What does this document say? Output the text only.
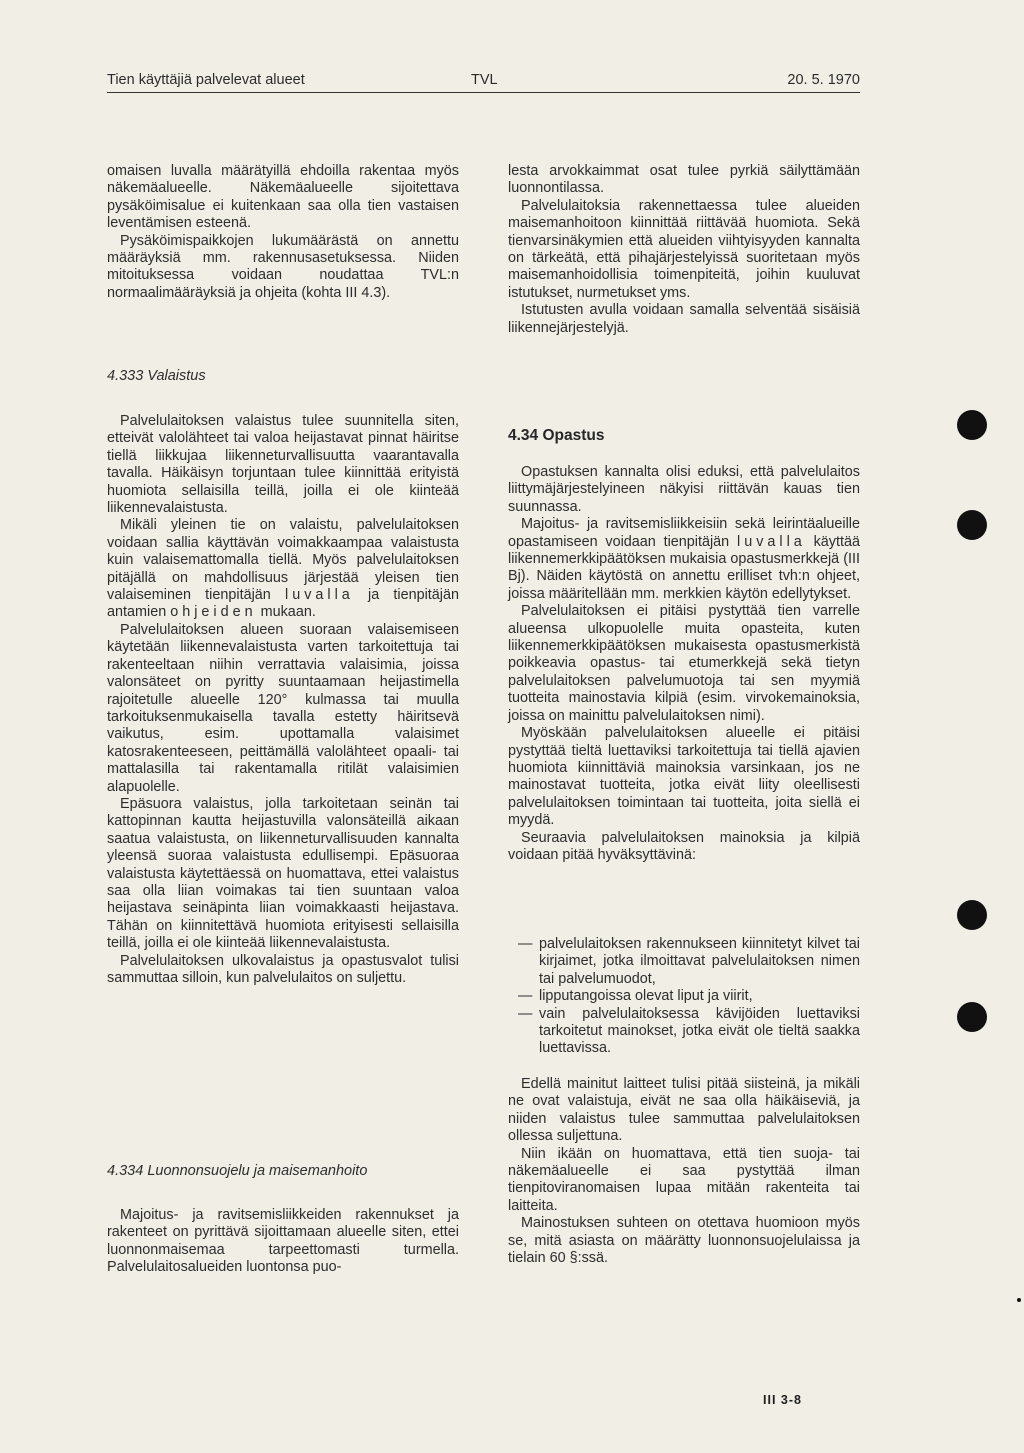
Tien käyttäjiä palvelevat alueet	TVL	20. 5. 1970

omaisen luvalla määrätyillä ehdoilla rakentaa myös näkemäalueelle. Näkemäalueelle sijoitettava pysäköimisalue ei kuitenkaan saa olla tien vastaisen leventämisen esteenä.

Pysäköimispaikkojen lukumäärästä on annettu määräyksiä mm. rakennusasetuksessa. Niiden mitoituksessa voidaan noudattaa TVL:n normaalimääräyksiä ja ohjeita (kohta III 4.3).

4.333 Valaistus

Palvelulaitoksen valaistus tulee suunnitella siten, etteivät valolähteet tai valoa heijastavat pinnat häiritse tiellä liikkujaa liikenneturvallisuutta vaarantavalla tavalla. Häikäisyn torjuntaan tulee kiinnittää erityistä huomiota sellaisilla teillä, joilla ei ole kiinteää liikennevalaistusta.

Mikäli yleinen tie on valaistu, palvelulaitoksen voidaan sallia käyttävän voimakkaampaa valaistusta kuin valaisemattomalla tiellä. Myös palvelulaitoksen pitäjällä on mahdollisuus järjestää yleisen tien valaiseminen tienpitäjän luvalla ja tienpitäjän antamien ohjeiden mukaan.

Palvelulaitoksen alueen suoraan valaisemiseen käytetään liikennevalaistusta varten tarkoitettuja tai rakenteeltaan niihin verrattavia valaisimia, joissa valonsäteet on pyritty suuntaamaan heijastimella rajoitetulle alueelle 120° kulmassa tai muulla tarkoituksenmukaisella tavalla estetty häiritsevä vaikutus, esim. upottamalla valaisimet katosrakenteeseen, peittämällä valolähteet opaali- tai mattalasilla tai rakentamalla ritilät valaisimien alapuolelle.

Epäsuora valaistus, jolla tarkoitetaan seinän tai kattopinnan kautta heijastuvilla valonsäteillä aikaan saatua valaistusta, on liikenneturvallisuuden kannalta yleensä suoraa valaistusta edullisempi. Epäsuoraa valaistusta käytettäessä on huomattava, ettei valaistus saa olla liian voimakas tai tien suuntaan valoa heijastava seinäpinta liian voimakkaasti heijastava. Tähän on kiinnitettävä huomiota erityisesti sellaisilla teillä, joilla ei ole kiinteää liikennevalaistusta.

Palvelulaitoksen ulkovalaistus ja opastusvalot tulisi sammuttaa silloin, kun palvelulaitos on suljettu.

4.334 Luonnonsuojelu ja maisemanhoito

Majoitus- ja ravitsemisliikkeiden rakennukset ja rakenteet on pyrittävä sijoittamaan alueelle siten, ettei luonnonmaisemaa tarpeettomasti turmella. Palvelulaitosalueiden luontonsa puo-

lesta arvokkaimmat osat tulee pyrkiä säilyttämään luonnontilassa.

Palvelulaitoksia rakennettaessa tulee alueiden maisemanhoitoon kiinnittää riittävää huomiota. Sekä tienvarsinäkymien että alueiden viihtyisyyden kannalta on tärkeätä, että pihajärjestelyissä suoritetaan myös maisemanhoidollisia toimenpiteitä, joihin kuuluvat istutukset, nurmetukset yms.

Istutusten avulla voidaan samalla selventää sisäisiä liikennejärjestelyjä.

4.34 Opastus

Opastuksen kannalta olisi eduksi, että palvelulaitos liittymäjärjestelyineen näkyisi riittävän kauas tien suunnassa.

Majoitus- ja ravitsemisliikkeisiin sekä leirintäalueille opastamiseen voidaan tienpitäjän luvalla käyttää liikennemerkkipäätöksen mukaisia opastusmerkkejä (III Bj). Näiden käytöstä on annettu erilliset tvh:n ohjeet, joissa määritellään mm. merkkien käytön edellytykset.

Palvelulaitoksen ei pitäisi pystyttää tien varrelle alueensa ulkopuolelle muita opasteita, kuten liikennemerkkipäätöksen mukaisesta opastusmerkistä poikkeavia opastus- tai etumerkkejä sekä tietyn palvelulaitoksen palvelumuotoja tai sen myymiä tuotteita mainostavia kilpiä (esim. virvokemainoksia, joissa on mainittu palvelulaitoksen nimi).

Myöskään palvelulaitoksen alueelle ei pitäisi pystyttää tieltä luettaviksi tarkoitettuja tai tiellä ajavien huomiota kiinnittäviä mainoksia varsinkaan, jos ne mainostavat tuotteita, jotka eivät liity oleellisesti palvelulaitoksen toimintaan tai tuotteita, joita siellä ei myydä.

Seuraavia palvelulaitoksen mainoksia ja kilpiä voidaan pitää hyväksyttävinä:

— palvelulaitoksen rakennukseen kiinnitetyt kilvet tai kirjaimet, jotka ilmoittavat palvelulaitoksen nimen tai palvelumuodot,
— lipputangoissa olevat liput ja viirit,
— vain palvelulaitoksessa kävijöiden luettaviksi tarkoitetut mainokset, jotka eivät ole tieltä saakka luettavissa.

Edellä mainitut laitteet tulisi pitää siisteinä, ja mikäli ne ovat valaistuja, eivät ne saa olla häikäiseviä, ja niiden valaistus tulee sammuttaa palvelulaitoksen ollessa suljettuna.

Niin ikään on huomattava, että tien suoja- tai näkemäalueelle ei saa pystyttää ilman tienpitoviranomaisen lupaa mitään rakenteita tai laitteita.

Mainostuksen suhteen on otettava huomioon myös se, mitä asiasta on määrätty luonnonsuojelulaissa ja tielain 60 §:ssä.

III 3-8
